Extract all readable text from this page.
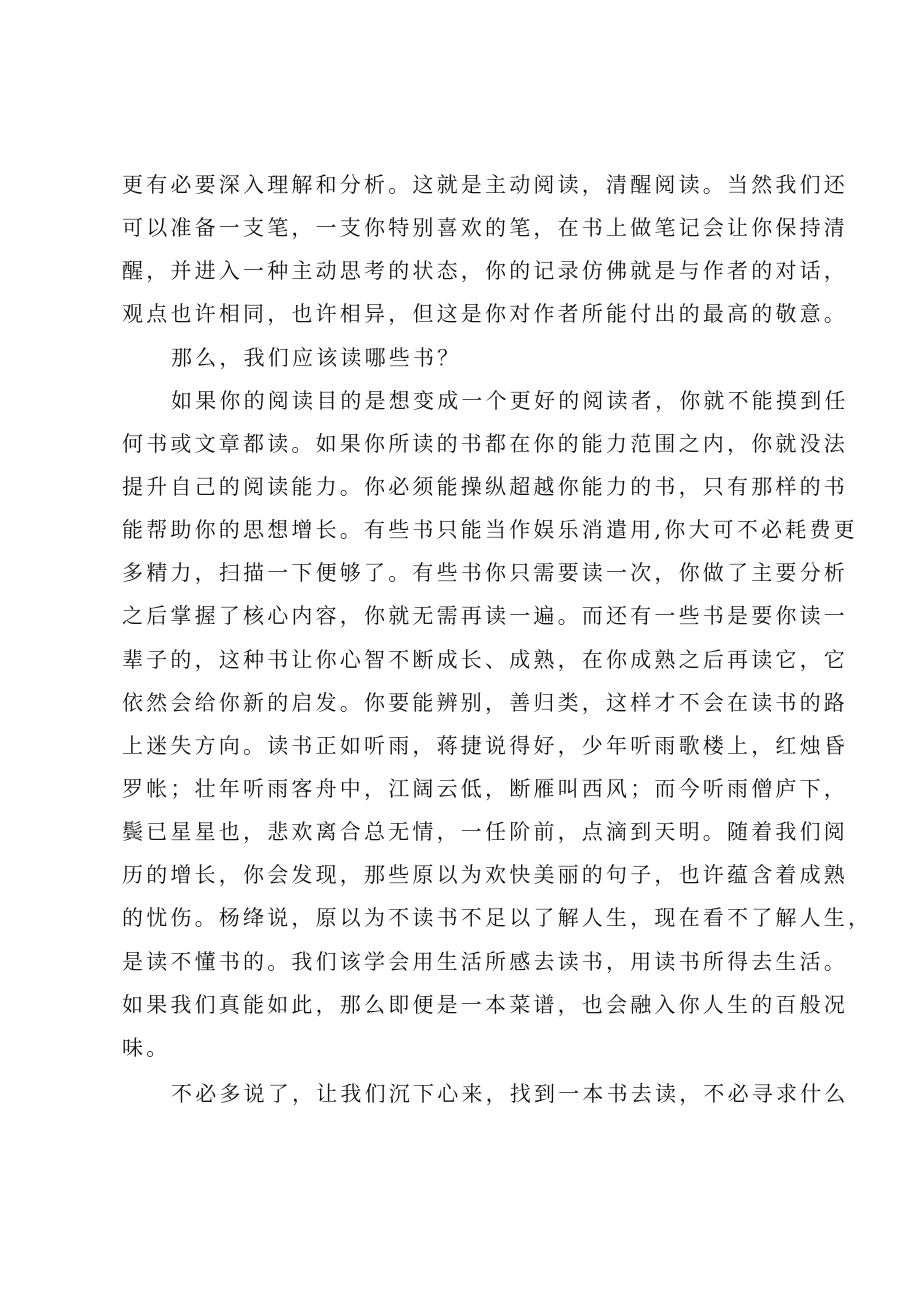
更有必要深入理解和分析。这就是主动阅读，清醒阅读。当然我们还
可以准备一支笔，一支你特别喜欢的笔，在书上做笔记会让你保持清
醒，并进入一种主动思考的状态，你的记录仿佛就是与作者的对话，
观点也许相同，也许相异，但这是你对作者所能付出的最高的敬意。
那么，我们应该读哪些书？
如果你的阅读目的是想变成一个更好的阅读者，你就不能摸到任
何书或文章都读。如果你所读的书都在你的能力范围之内，你就没法
提升自己的阅读能力。你必须能操纵超越你能力的书，只有那样的书
能帮助你的思想增长。有些书只能当作娱乐消遣用,你大可不必耗费更
多精力，扫描一下便够了。有些书你只需要读一次，你做了主要分析
之后掌握了核心内容，你就无需再读一遍。而还有一些书是要你读一
辈子的，这种书让你心智不断成长、成熟，在你成熟之后再读它，它
依然会给你新的启发。你要能辨别，善归类，这样才不会在读书的路
上迷失方向。读书正如听雨，蒋捷说得好，少年听雨歌楼上，红烛昏
罗帐；壮年听雨客舟中，江阔云低，断雁叫西风；而今听雨僧庐下，
鬓已星星也，悲欢离合总无情，一任阶前，点滴到天明。随着我们阅
历的增长，你会发现，那些原以为欢快美丽的句子，也许蕴含着成熟
的忧伤。杨绛说，原以为不读书不足以了解人生，现在看不了解人生，
是读不懂书的。我们该学会用生活所感去读书，用读书所得去生活。
如果我们真能如此，那么即便是一本菜谱，也会融入你人生的百般况
味。
不必多说了，让我们沉下心来，找到一本书去读，不必寻求什么
